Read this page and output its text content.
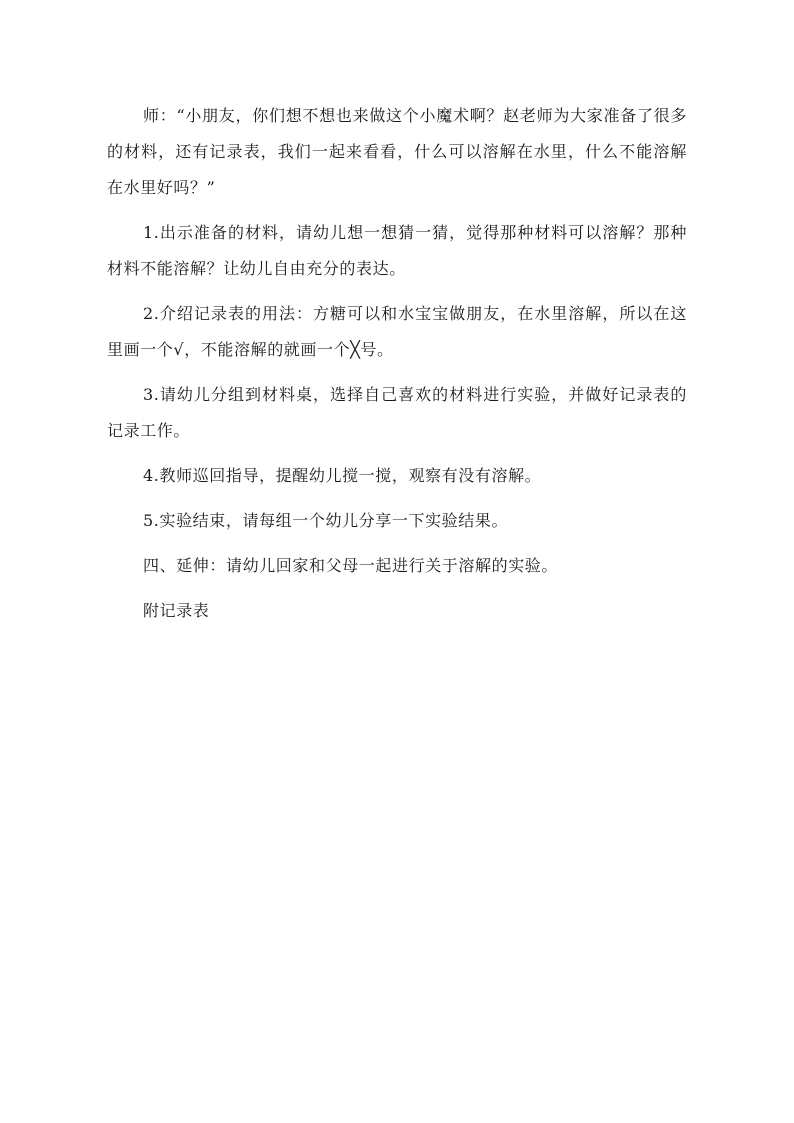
师：“小朋友，你们想不想也来做这个小魔术啊？赵老师为大家准备了很多的材料，还有记录表，我们一起来看看，什么可以溶解在水里，什么不能溶解在水里好吗？”

1.出示准备的材料，请幼儿想一想猜一猜，觉得那种材料可以溶解？那种材料不能溶解？让幼儿自由充分的表达。

2.介绍记录表的用法：方糖可以和水宝宝做朋友，在水里溶解，所以在这里画一个√，不能溶解的就画一个╳号。

3.请幼儿分组到材料桌，选择自己喜欢的材料进行实验，并做好记录表的记录工作。

4.教师巡回指导，提醒幼儿搅一搅，观察有没有溶解。

5.实验结束，请每组一个幼儿分享一下实验结果。

四、延伸：请幼儿回家和父母一起进行关于溶解的实验。

附记录表
